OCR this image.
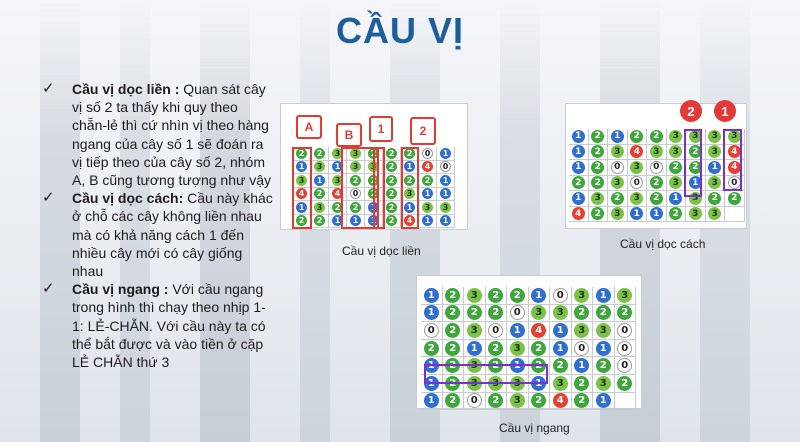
CẦU VỊ
✓ Cầu vị dọc liền : Quan sát cây vị số 2 ta thấy khi quy theo chẵn-lẻ thì cứ nhìn vị theo hàng ngang của cây số 1 sẽ đoán ra vị tiếp theo của cây số 2, nhóm A, B cũng tương tượng như vậy
✓ Cầu vị dọc cách: Cầu này khác ở chỗ các cây không liền nhau mà có khả năng cách 1 đến nhiều cây mới có cây giống nhau
✓ Cầu vị ngang : Với cầu ngang trong hình thì chạy theo nhịp 1-1: LẺ-CHẴN. Với cầu này ta có thể bắt được và vào tiền ở cặp LẺ CHẴN thứ 3
A
B	1	2
2	2	3	3	2	2	2	0	1
1	3	1	3	3	2	1	4	0
3	1	3	2	2	2	2	2	1
4	2	4	0	2	2	3	1	1
1	3	2	2	1	2	1	3	3
2	2	1	1	1	2	4	1	1
Cầu vị dọc liền
2	1
1	2	1	2	2	3	3	3	3
1	2	3	4	3	3	2	3	4
1	2	0	3	0	2	2	1	4
2	2	3	0	2	3	1	3	0
1	3	2	3	2	1	3	2	2
4	2	3	1	1	2	3	3
Cầu vị dọc cách
1	2	3	2	2	1	0	3	1	3
1	2	2	2	0	3	3	2	2	2
0	2	3	0	1	4	1	3	3	0
2	2	1	2	3	2	1	0	1	0
1	2	3	2	1	2	2	1	2	0
1	2	3	3	3	1	3	2	3	2
1	2	0	2	3	2	4	2	1
Cầu vị ngang
